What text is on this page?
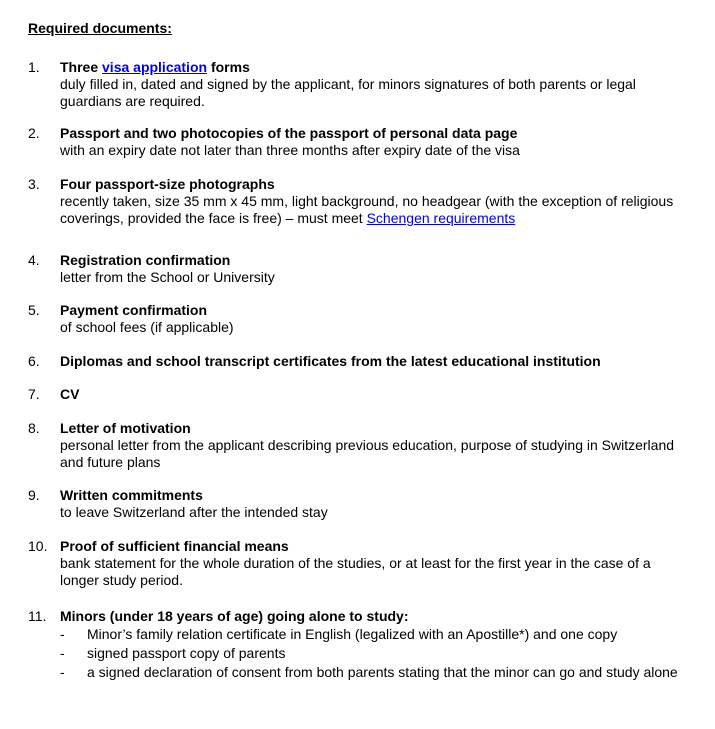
Required documents:
1.	Three visa application forms
duly filled in, dated and signed by the applicant, for minors signatures of both parents or legal guardians are required.
2.	Passport and two photocopies of the passport of personal data page
with an expiry date not later than three months after expiry date of the visa
3.	Four passport-size photographs
recently taken, size 35 mm x 45 mm, light background, no headgear (with the exception of religious coverings, provided the face is free) – must meet Schengen requirements
4.	Registration confirmation
letter from the School or University
5.	Payment confirmation
of school fees (if applicable)
6.	Diplomas and school transcript certificates from the latest educational institution
7.	CV
8.	Letter of motivation
personal letter from the applicant describing previous education, purpose of studying in Switzerland and future plans
9.	Written commitments
to leave Switzerland after the intended stay
10. Proof of sufficient financial means
bank statement for the whole duration of the studies, or at least for the first year in the case of a longer study period.
11. Minors (under 18 years of age) going alone to study:
- Minor’s family relation certificate in English (legalized with an Apostille*) and one copy
- signed passport copy of parents
- a signed declaration of consent from both parents stating that the minor can go and study alone
